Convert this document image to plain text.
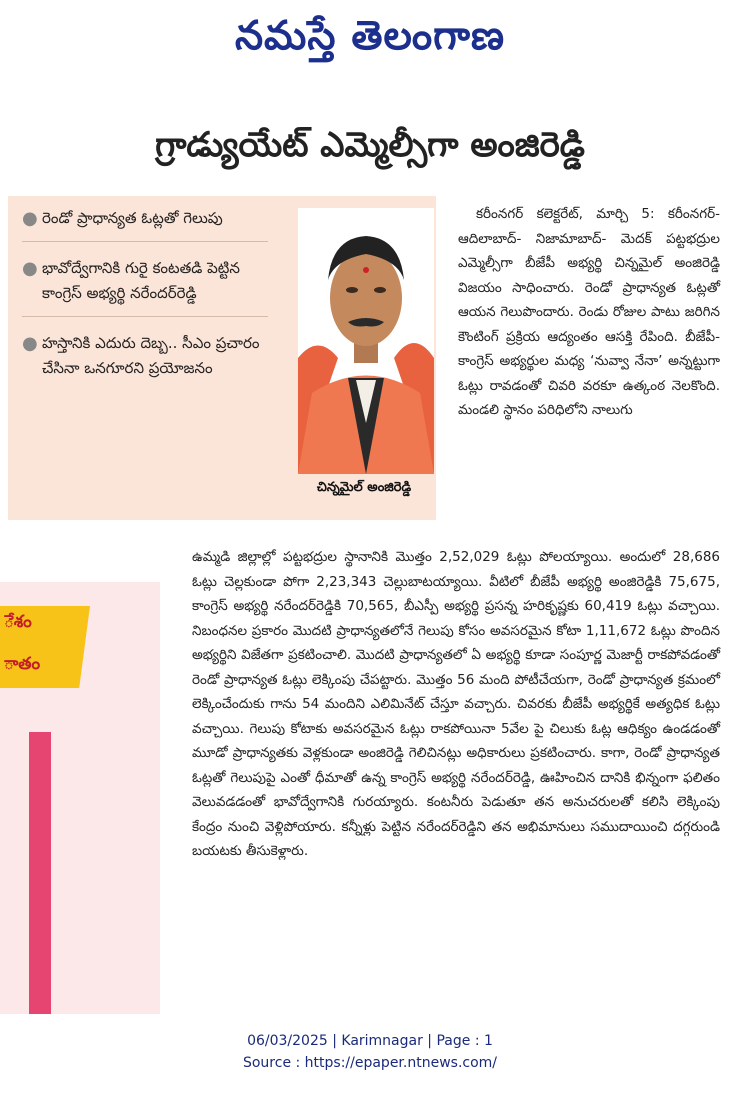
నమస్తే తెలంగాణ
గ్రాడ్యుయేట్ ఎమ్మెల్సీగా అంజిరెడ్డి
● రెండో ప్రాధాన్యత ఓట్లతో గెలుపు
● భావోద్వేగానికి గురై కంటతడి పెట్టిన కాంగ్రెస్ అభ్యర్థి నరేందర్‌రెడ్డి
● హస్తానికి ఎదురు దెబ్బ.. సీఎం ప్రచారం చేసినా ఒనగూరని ప్రయోజనం
చిన్నమైల్ అంజిరెడ్డి

కరీంనగర్ కలెక్టరేట్, మార్చి 5: కరీంనగర్- ఆదిలాబాద్- నిజామాబాద్- మెదక్ పట్టభద్రుల ఎమ్మెల్సీగా బీజేపీ అభ్యర్థి చిన్నమైల్ అంజిరెడ్డి విజయం సాధించారు. రెండో ప్రాధాన్యత ఓట్లతో ఆయన గెలుపొందారు. రెండు రోజుల పాటు జరిగిన కౌంటింగ్ ప్రక్రియ ఆద్యంతం ఆసక్తి రేపింది. బీజేపీ-కాంగ్రెస్ అభ్యర్థుల మధ్య ‘నువ్వా నేనా’ అన్నట్టుగా ఓట్లు రావడంతో చివరి వరకూ ఉత్కంఠ నెలకొంది. మండలి స్థానం పరిధిలోని నాలుగు

ఉమ్మడి జిల్లాల్లో పట్టభద్రుల స్థానానికి మొత్తం 2,52,029 ఓట్లు పోలయ్యాయి. అందులో 28,686 ఓట్లు చెల్లకుండా పోగా 2,23,343 చెల్లుబాటయ్యాయి. వీటిలో బీజేపీ అభ్యర్థి అంజిరెడ్డికి 75,675, కాంగ్రెస్ అభ్యర్థి నరేందర్‌రెడ్డికి 70,565, బీఎస్పీ అభ్యర్థి ప్రసన్న హరికృష్ణకు 60,419 ఓట్లు వచ్చాయి. నిబంధనల ప్రకారం మొదటి ప్రాధాన్యతలోనే గెలుపు కోసం అవసరమైన కోటా 1,11,672 ఓట్లు పొందిన అభ్యర్థిని విజేతగా ప్రకటించాలి. మొదటి ప్రాధాన్యతలో ఏ అభ్యర్థి కూడా సంపూర్ణ మెజార్టీ రాకపోవడంతో రెండో ప్రాధాన్యత ఓట్లు లెక్కింపు చేపట్టారు. మొత్తం 56 మంది పోటీచేయగా, రెండో ప్రాధాన్యత క్రమంలో లెక్కించేందుకు గాను 54 మందిని ఎలిమినేట్ చేస్తూ వచ్చారు. చివరకు బీజేపీ అభ్యర్థికే అత్యధిక ఓట్లు వచ్చాయి. గెలుపు కోటాకు అవసరమైన ఓట్లు రాకపోయినా 5వేల పై చిలుకు ఓట్ల ఆధిక్యం ఉండడంతో మూడో ప్రాధాన్యతకు వెళ్లకుండా అంజిరెడ్డి గెలిచినట్లు అధికారులు ప్రకటించారు. కాగా, రెండో ప్రాధాన్యత ఓట్లతో గెలుపుపై ఎంతో ధీమాతో ఉన్న కాంగ్రెస్ అభ్యర్థి నరేందర్‌రెడ్డి, ఊహించిన దానికి భిన్నంగా ఫలితం వెలువడడంతో భావోద్వేగానికి గురయ్యారు. కంటనీరు పెడుతూ తన అనుచరులతో కలిసి లెక్కింపు కేంద్రం నుంచి వెళ్లిపోయారు. కన్నీళ్లు పెట్టిన నరేందర్‌రెడ్డిని తన అభిమానులు సముదాయించి దగ్గరుండి బయటకు తీసుకెళ్లారు.

ేశం
ాతం
06/03/2025 | Karimnagar | Page : 1
Source : https://epaper.ntnews.com/
